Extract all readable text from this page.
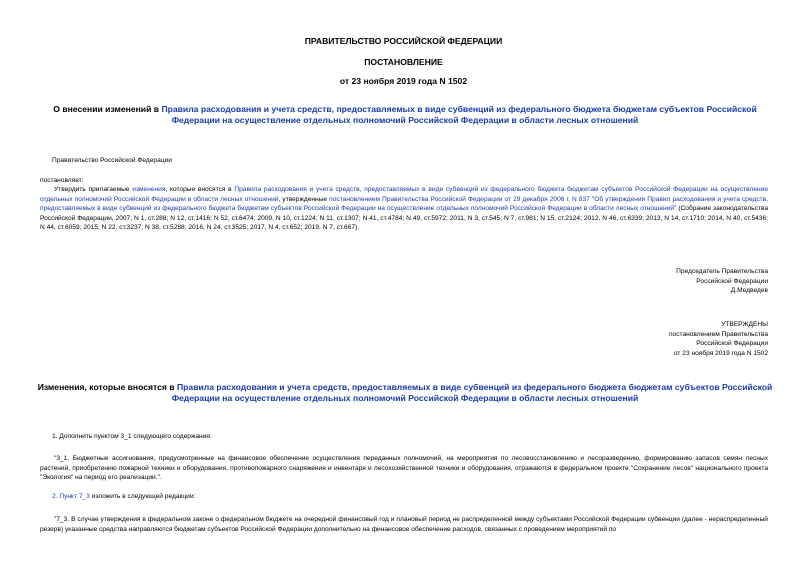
ПРАВИТЕЛЬСТВО РОССИЙСКОЙ ФЕДЕРАЦИИ
ПОСТАНОВЛЕНИЕ
от 23 ноября 2019 года N 1502
О внесении изменений в Правила расходования и учета средств, предоставляемых в виде субвенций из федерального бюджета бюджетам субъектов Российской Федерации на осуществление отдельных полномочий Российской Федерации в области лесных отношений
Правительство Российской Федерации
постановляет:
Утвердить прилагаемые изменения, которые вносятся в Правила расходования и учета средств, предоставляемых в виде субвенций из федерального бюджета бюджетам субъектов Российской Федерации на осуществление отдельных полномочий Российской Федерации в области лесных отношений, утвержденные постановлением Правительства Российской Федерации от 29 декабря 2006 г. N 837 "Об утверждении Правил расходования и учета средств, предоставляемых в виде субвенций из федерального бюджета бюджетам субъектов Российской Федерации на осуществление отдельных полномочий Российской Федерации в области лесных отношений" (Собрание законодательства Российской Федерации, 2007, N 1, ст.288; N 12, ст.1416; N 52, ст.6474; 2009, N 10, ст.1224; N 11, ст.1307; N 41, ст.4784; N 49, ст.5972; 2011, N 3, ст.545; N 7, ст.981; N 15, ст.2124; 2012, N 46, ст.6339; 2013, N 14, ст.1710; 2014, N 40, ст.5436; N 44, ст.6059; 2015, N 22, ст.3237; N 38, ст.5288; 2016, N 24, ст.3525; 2017, N 4, ст.652; 2019, N 7, ст.667).
Председатель Правительства
Российской Федерации
Д.Медведев
УТВЕРЖДЕНЫ
постановлением Правительства
Российской Федерации
от 23 ноября 2019 года N 1502
Изменения, которые вносятся в Правила расходования и учета средств, предоставляемых в виде субвенций из федерального бюджета бюджетам субъектов Российской Федерации на осуществление отдельных полномочий Российской Федерации в области лесных отношений
1. Дополнить пунктом 3_1 следующего содержания:
"3_1. Бюджетные ассигнования, предусмотренные на финансовое обеспечение осуществления переданных полномочий, на мероприятия по лесовосстановлению и лесоразведению, формированию запасов семян лесных растений, приобретению пожарной техники и оборудования, противопожарного снаряжения и инвентаря и лесохозяйственной техники и оборудования, отражаются в федеральном проекте "Сохранение лесов" национального проекта "Экология" на период его реализации.".
2. Пункт 7_3 изложить в следующей редакции:
"7_3. В случае утверждения в федеральном законе о федеральном бюджете на очередной финансовый год и плановый период не распределенной между субъектами Российской Федерации субвенции (далее - нераспределенный резерв) указанные средства направляются бюджетам субъектов Российской Федерации дополнительно на финансовое обеспечение расходов, связанных с проведением мероприятий по
